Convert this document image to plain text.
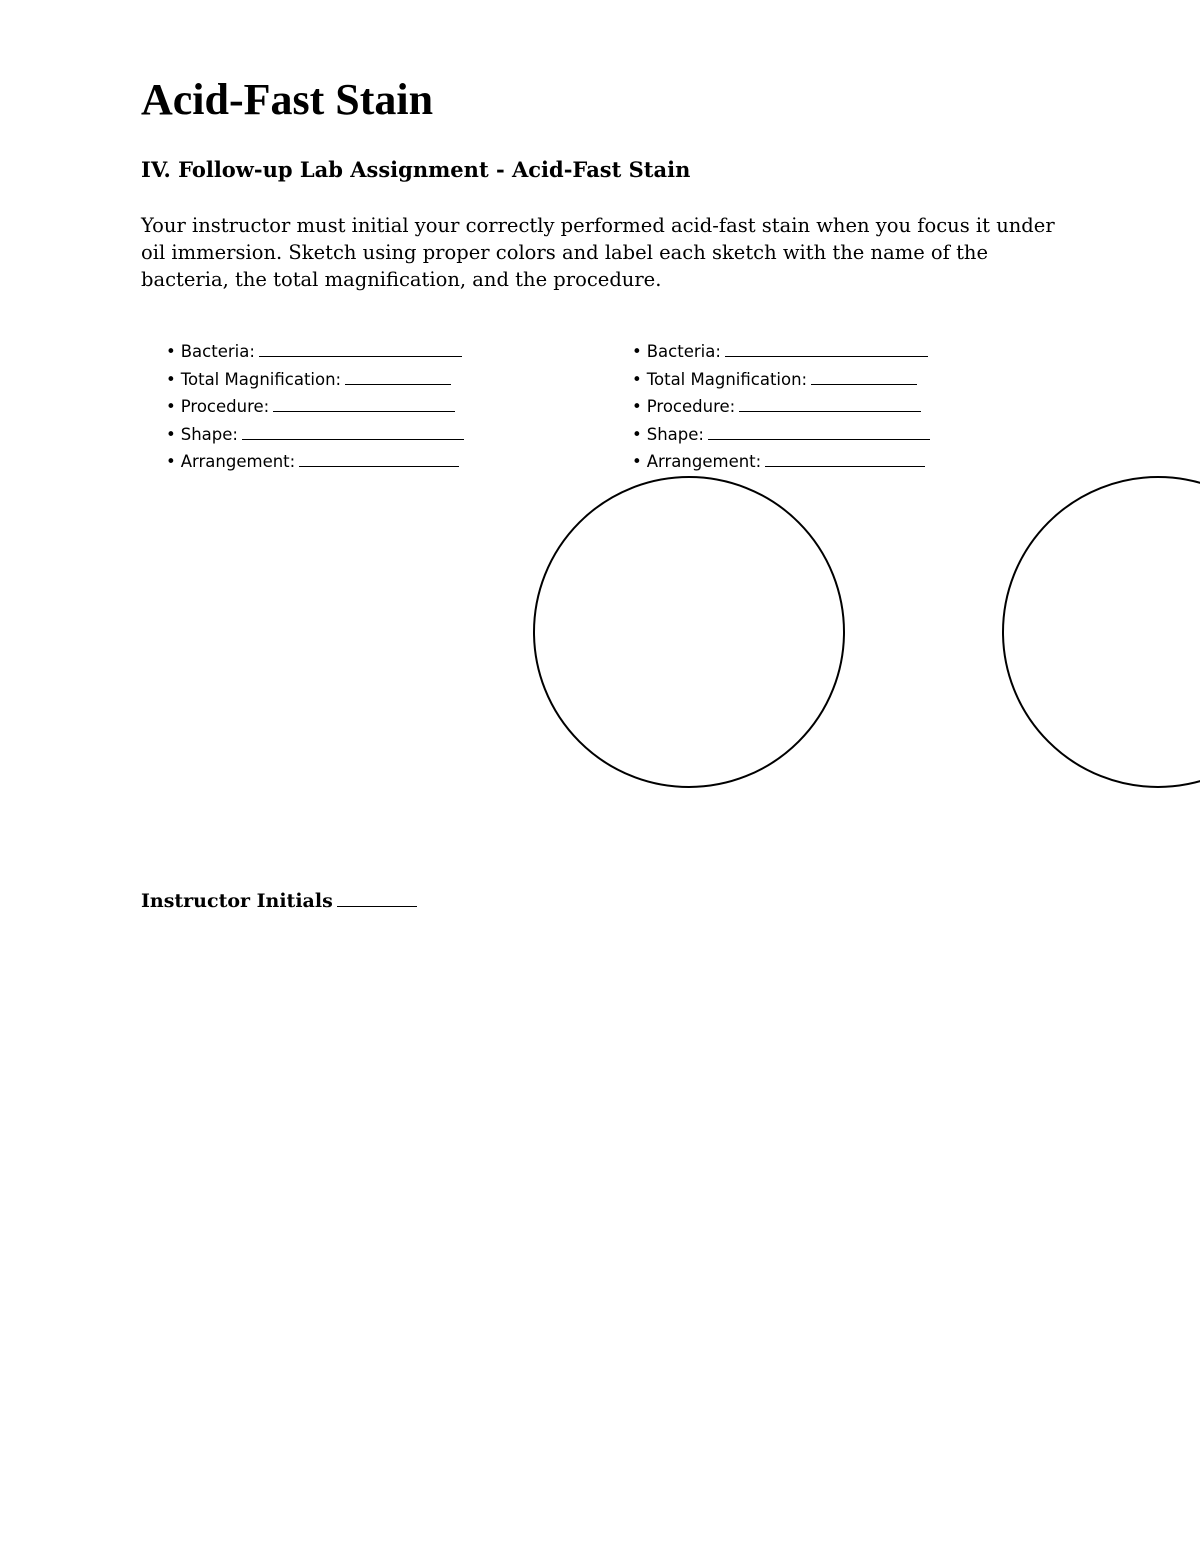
Acid-Fast Stain
IV. Follow-up Lab Assignment - Acid-Fast Stain

Your instructor must initial your correctly performed acid-fast stain when you focus it under oil immersion. Sketch using proper colors and label each sketch with the name of the bacteria, the total magnification, and the procedure.

• Bacteria:
• Total Magnification:
• Procedure:
• Shape:
• Arrangement:
• Bacteria:
• Total Magnification:
• Procedure:
• Shape:
• Arrangement:
Instructor Initials
